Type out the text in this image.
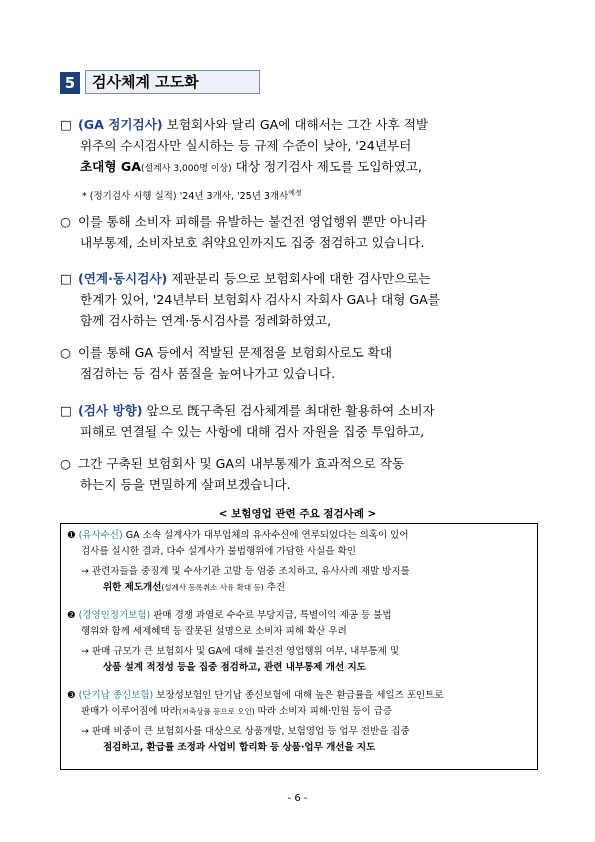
5	검사체계 고도화
□ (GA 정기검사) 보험회사와 달리 GA에 대해서는 그간 사후 적발
위주의 수시검사만 실시하는 등 규제 수준이 낮아, '24년부터
초대형 GA(설계사 3,000명 이상) 대상 정기검사 제도를 도입하였고,
* (정기검사 시행 실적) '24년 3개사, '25년 3개사$^{예정}$
○ 이를 통해 소비자 피해를 유발하는 불건전 영업행위 뿐만 아니라
내부통제, 소비자보호 취약요인까지도 집중 점검하고 있습니다.
□ (연계·동시검사) 제판분리 등으로 보험회사에 대한 검사만으로는
한계가 있어, '24년부터 보험회사 검사시 자회사 GA나 대형 GA를
함께 검사하는 연계·동시검사를 정례화하였고,
○ 이를 통해 GA 등에서 적발된 문제점을 보험회사로도 확대
점검하는 등 검사 품질을 높여나가고 있습니다.
□ (검사 방향) 앞으로 旣구축된 검사체계를 최대한 활용하여 소비자
피해로 연결될 수 있는 사항에 대해 검사 자원을 집중 투입하고,
○ 그간 구축된 보험회사 및 GA의 내부통제가 효과적으로 작동
하는지 등을 면밀하게 살펴보겠습니다.
< 보험영업 관련 주요 점검사례 >
❶ (유사수신) GA 소속 설계사가 대부업체의 유사수신에 연루되었다는 의혹이 있어
검사를 실시한 결과, 다수 설계사가 불법행위에 가담한 사실을 확인
→ 관련자들을 중징계 및 수사기관 고발 등 엄중 조치하고, 유사사례 재발 방지를
위한 제도개선(설계사 등록취소 사유 확대 등) 추진
❷ (경영인정기보험) 판매 경쟁 과열로 수수료 부당지급, 특별이익 제공 등 불법
행위와 함께 세제혜택 등 잘못된 설명으로 소비자 피해 확산 우려
→ 판매 규모가 큰 보험회사 및 GA에 대해 불건전 영업행위 여부, 내부통제 및
상품 설계 적정성 등을 집중 점검하고, 관련 내부통제 개선 지도
❸ (단기납 종신보험) 보장성보험인 단기납 종신보험에 대해 높은 환급률을 세일즈 포인트로
판매가 이루어짐에 따라(저축상품 등으로 오인) 따라 소비자 피해·민원 등이 급증
→ 판매 비중이 큰 보험회사를 대상으로 상품개발, 보험영업 등 업무 전반을 집중
점검하고, 환급률 조정과 사업비 합리화 등 상품·업무 개선을 지도
- 6 -
